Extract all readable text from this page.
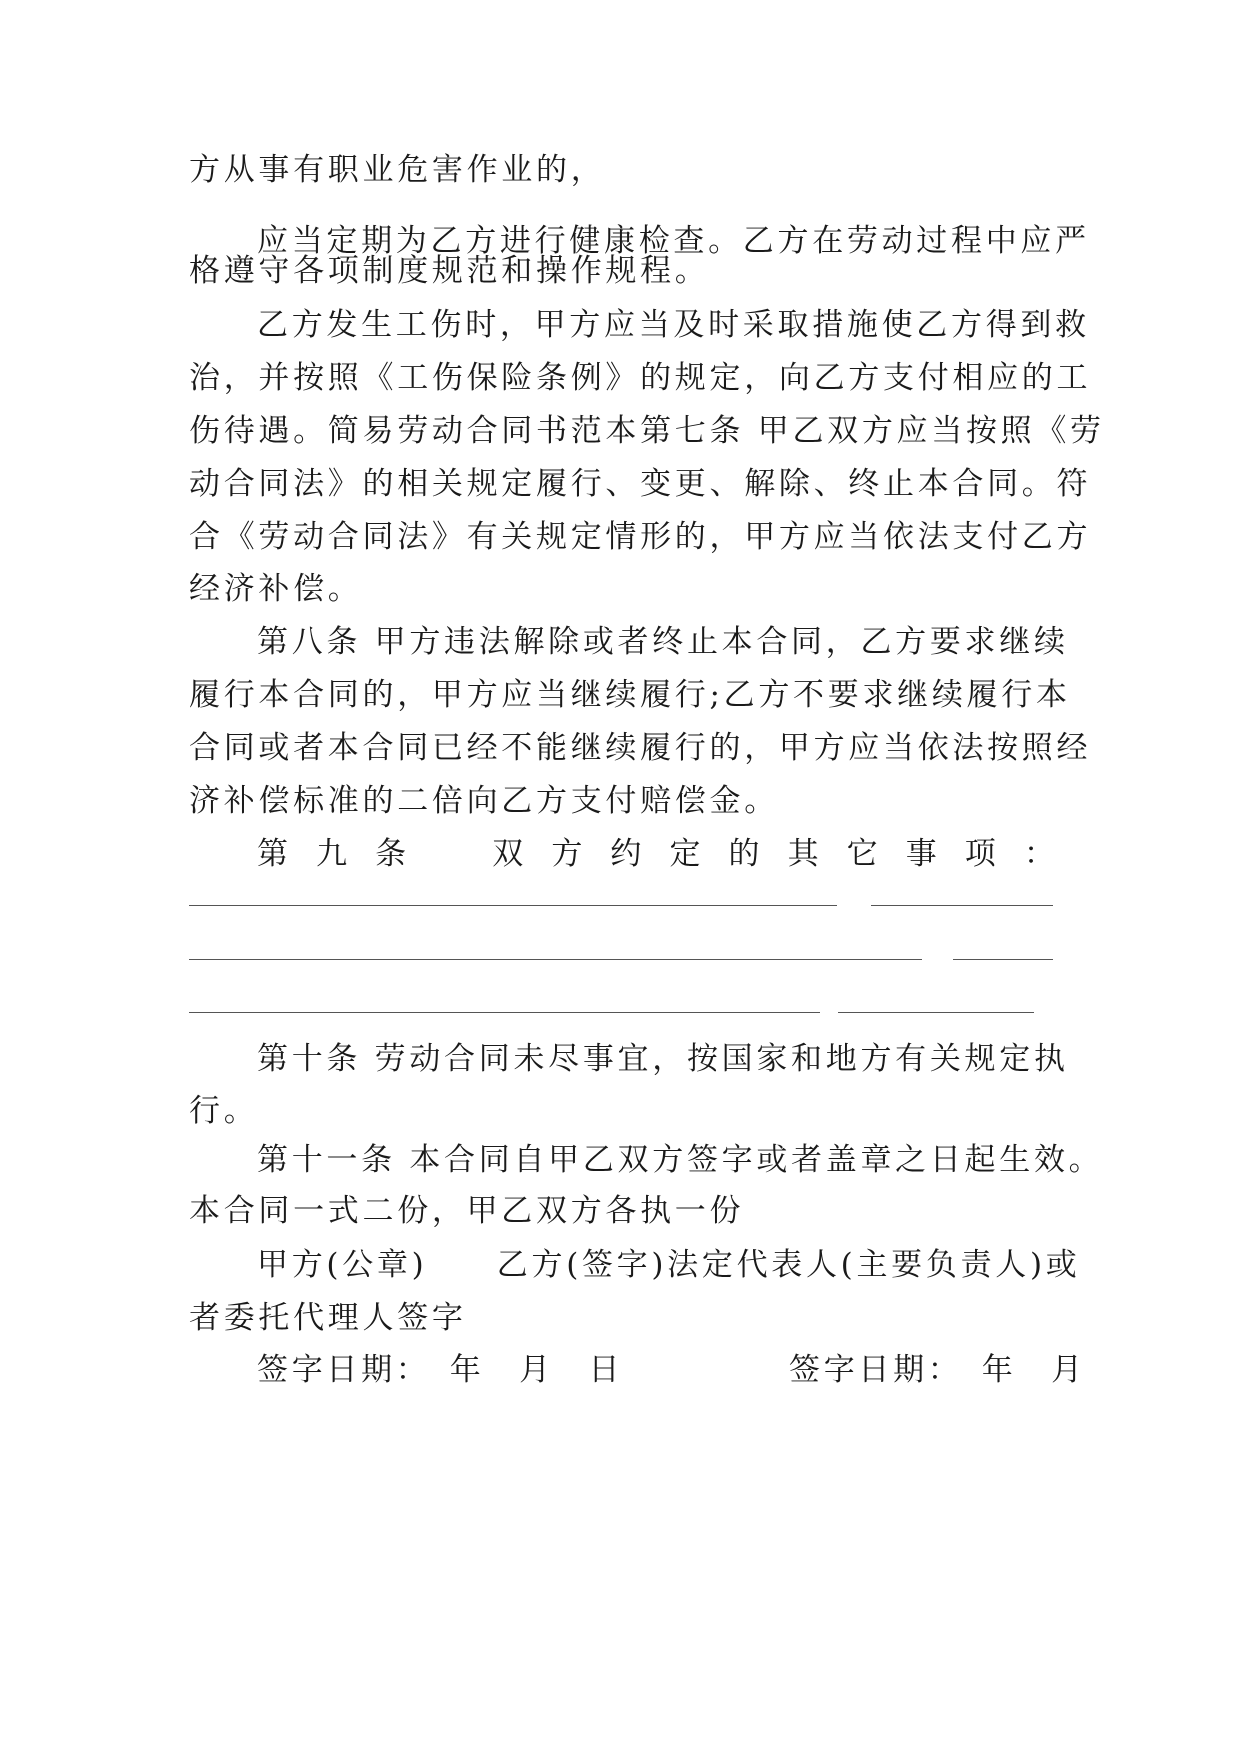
方从事有职业危害作业的，
应当定期为乙方进行健康检查。乙方在劳动过程中应严
格遵守各项制度规范和操作规程。
乙方发生工伤时，甲方应当及时采取措施使乙方得到救
治，并按照《工伤保险条例》的规定，向乙方支付相应的工
伤待遇。简易劳动合同书范本第七条 甲乙双方应当按照《劳
动合同法》的相关规定履行、变更、解除、终止本合同。符
合《劳动合同法》有关规定情形的，甲方应当依法支付乙方
经济补偿。
第八条 甲方违法解除或者终止本合同，乙方要求继续
履行本合同的，甲方应当继续履行;乙方不要求继续履行本
合同或者本合同已经不能继续履行的，甲方应当依法按照经
济补偿标准的二倍向乙方支付赔偿金。
第 九 条	双 方 约 定 的 其 它 事 项 ：
第十条 劳动合同未尽事宜，按国家和地方有关规定执
行。
第十一条 本合同自甲乙双方签字或者盖章之日起生效。
本合同一式二份，甲乙双方各执一份
甲方(公章)　　乙方(签字)法定代表人(主要负责人)或
者委托代理人签字
签字日期：　年　月　日	签字日期：　年　月
